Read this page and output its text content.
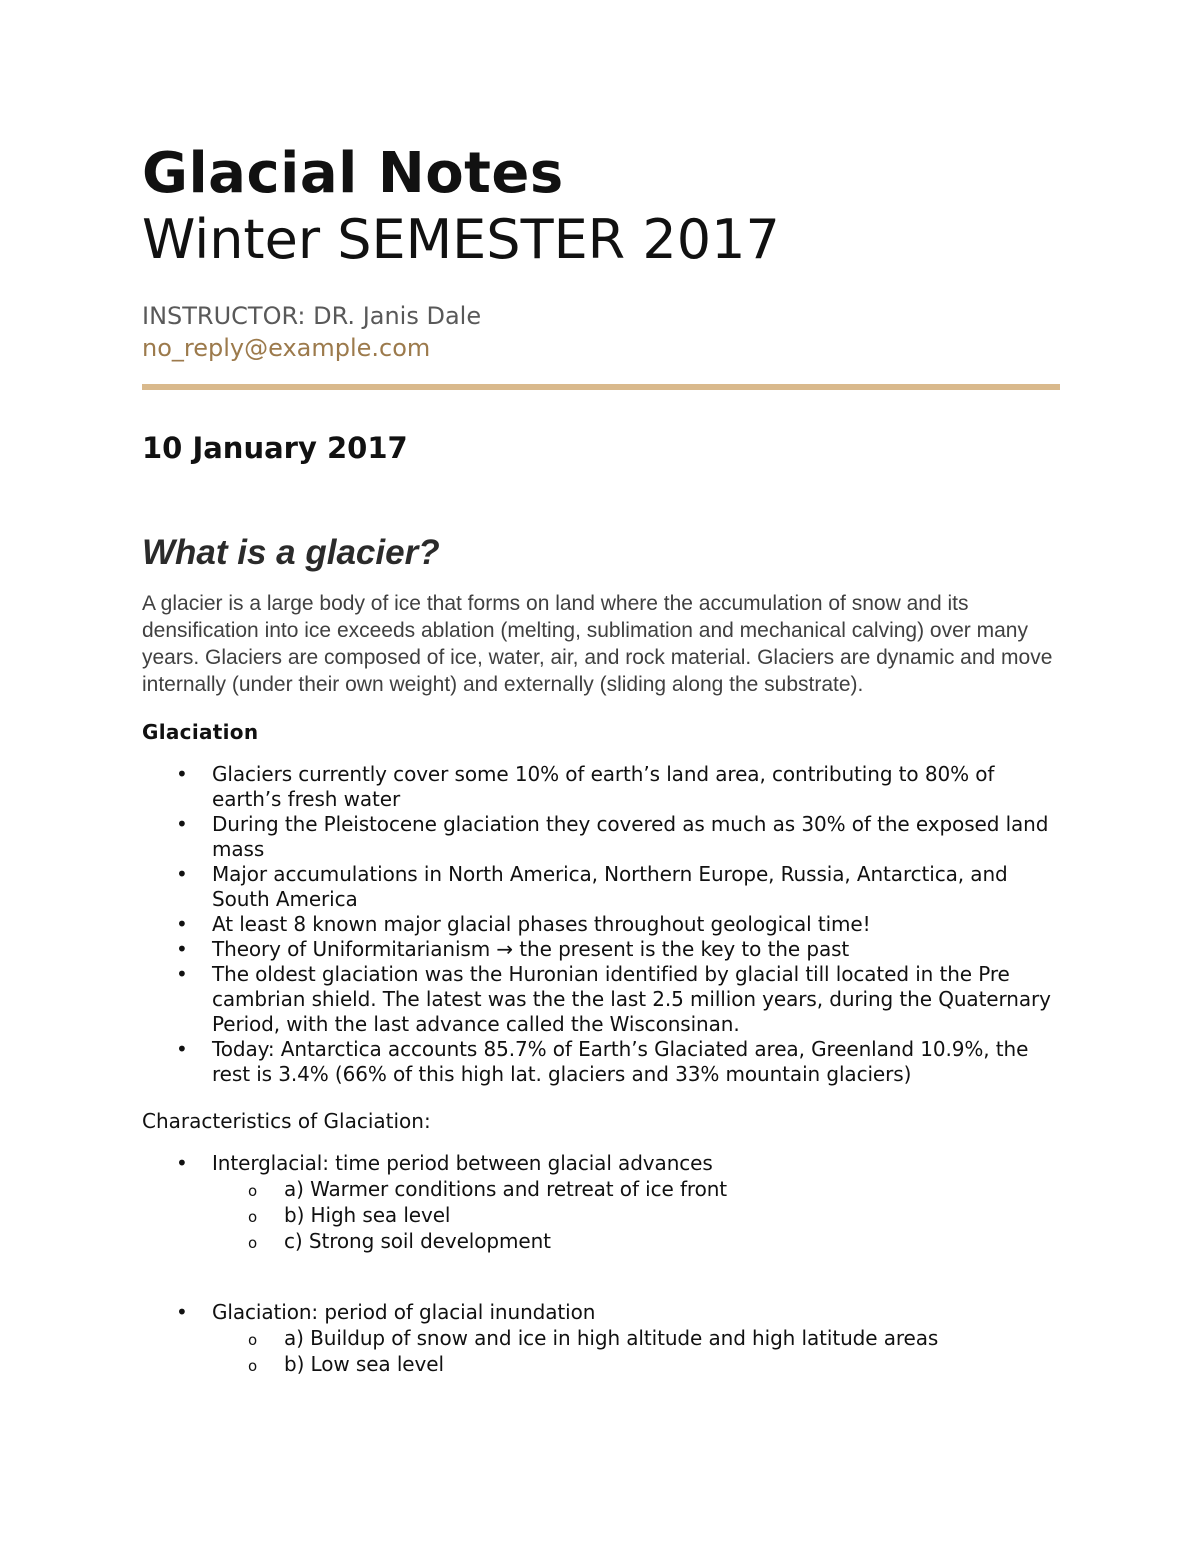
Glacial Notes
Winter SEMESTER 2017
INSTRUCTOR: DR. Janis Dale
no_reply@example.com
10 January 2017
What is a glacier?

A glacier is a large body of ice that forms on land where the accumulation of snow and its densification into ice exceeds ablation (melting, sublimation and mechanical calving) over many years. Glaciers are composed of ice, water, air, and rock material. Glaciers are dynamic and move internally (under their own weight) and externally (sliding along the substrate).

Glaciation
• Glaciers currently cover some 10% of earth’s land area, contributing to 80% of earth’s fresh water
• During the Pleistocene glaciation they covered as much as 30% of the exposed land mass
• Major accumulations in North America, Northern Europe, Russia, Antarctica, and South America
• At least 8 known major glacial phases throughout geological time!
• Theory of Uniformitarianism → the present is the key to the past
• The oldest glaciation was the Huronian identified by glacial till located in the Pre cambrian shield. The latest was the the last 2.5 million years, during the Quaternary Period, with the last advance called the Wisconsinan.
• Today: Antarctica accounts 85.7% of Earth’s Glaciated area, Greenland 10.9%, the rest is 3.4% (66% of this high lat. glaciers and 33% mountain glaciers)
Characteristics of Glaciation:
• Interglacial: time period between glacial advances
o a) Warmer conditions and retreat of ice front
o b) High sea level
o c) Strong soil development
• Glaciation: period of glacial inundation
o a) Buildup of snow and ice in high altitude and high latitude areas
o b) Low sea level
